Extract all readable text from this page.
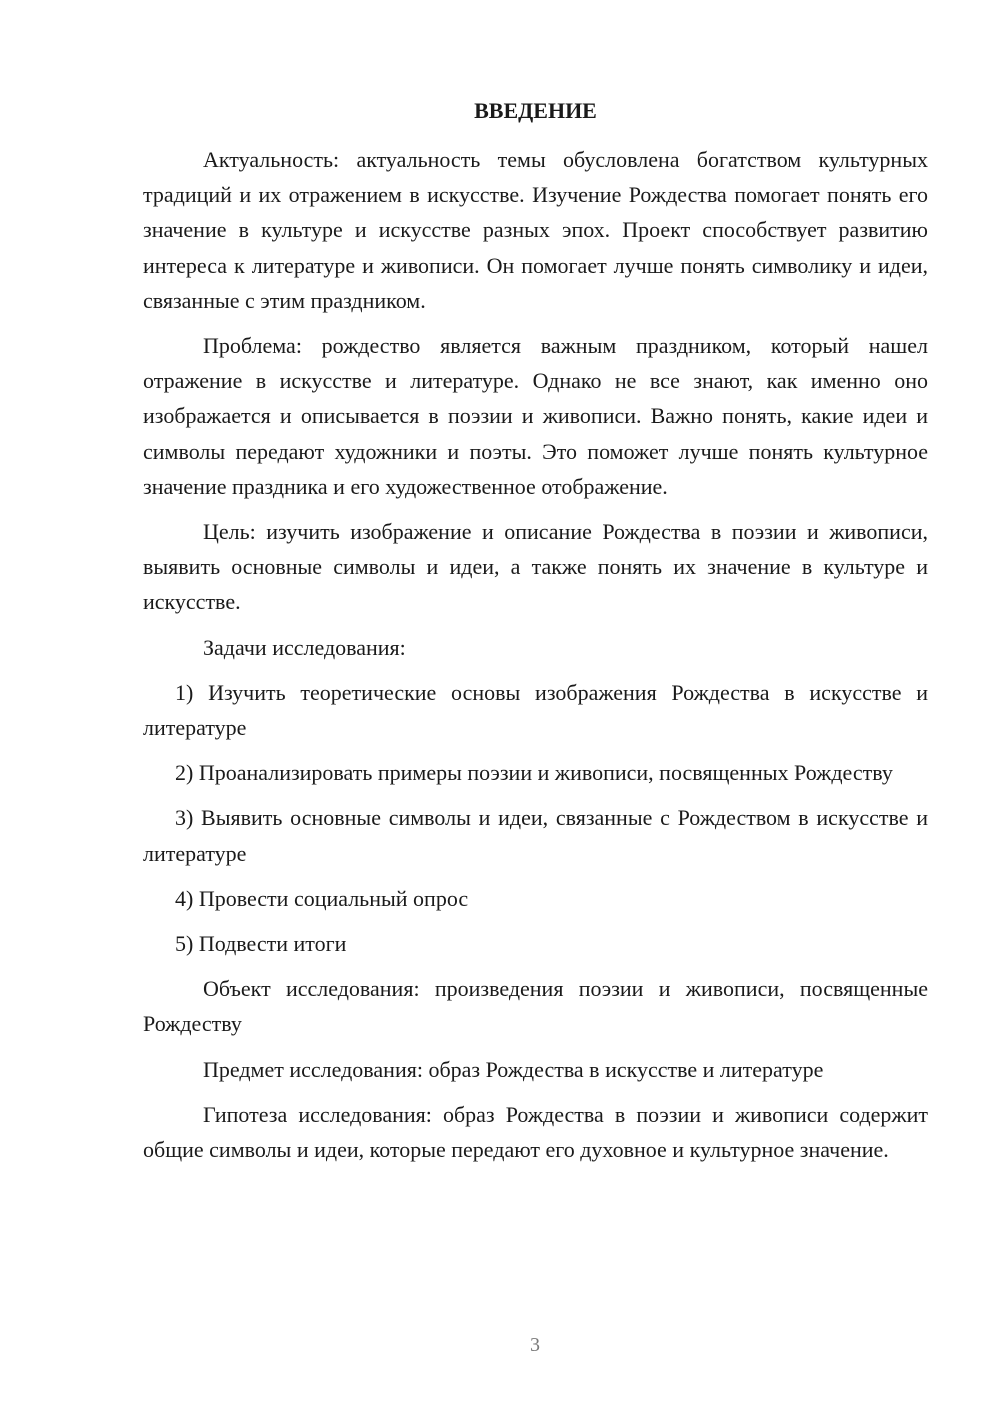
ВВЕДЕНИЕ

Актуальность: актуальность темы обусловлена богатством культурных традиций и их отражением в искусстве. Изучение Рождества помогает понять его значение в культуре и искусстве разных эпох. Проект способствует развитию интереса к литературе и живописи. Он помогает лучше понять символику и идеи, связанные с этим праздником.

Проблема: рождество является важным праздником, который нашел отражение в искусстве и литературе. Однако не все знают, как именно оно изображается и описывается в поэзии и живописи. Важно понять, какие идеи и символы передают художники и поэты. Это поможет лучше понять культурное значение праздника и его художественное отображение.

Цель: изучить изображение и описание Рождества в поэзии и живописи, выявить основные символы и идеи, а также понять их значение в культуре и искусстве.

Задачи исследования:

1) Изучить теоретические основы изображения Рождества в искусстве и литературе

2) Проанализировать примеры поэзии и живописи, посвященных Рождеству

3) Выявить основные символы и идеи, связанные с Рождеством в искусстве и литературе

4) Провести социальный опрос

5) Подвести итоги

Объект исследования: произведения поэзии и живописи, посвященные Рождеству

Предмет исследования: образ Рождества в искусстве и литературе

Гипотеза исследования: образ Рождества в поэзии и живописи содержит общие символы и идеи, которые передают его духовное и культурное значение.

3
